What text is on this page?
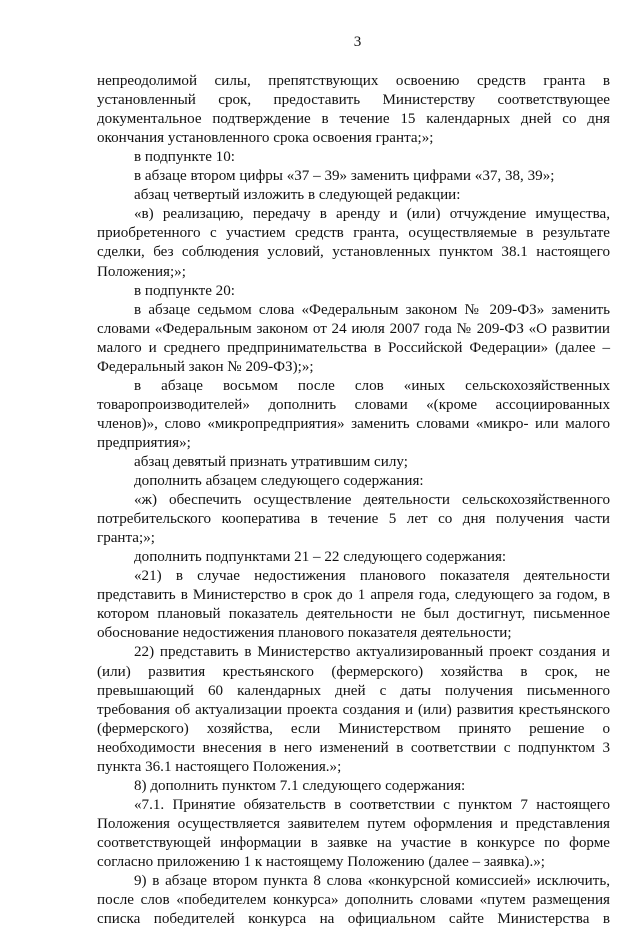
3

непреодолимой силы, препятствующих освоению средств гранта в установленный срок, предоставить Министерству соответствующее документальное подтверждение в течение 15 календарных дней со дня окончания установленного срока освоения гранта;»;

в подпункте 10:

в абзаце втором цифры «37 – 39» заменить цифрами «37, 38, 39»;

абзац четвертый изложить в следующей редакции:

«в) реализацию, передачу в аренду и (или) отчуждение имущества, приобретенного с участием средств гранта, осуществляемые в результате сделки, без соблюдения условий, установленных пунктом 38.1 настоящего Положения;»;

в подпункте 20:

в абзаце седьмом слова «Федеральным законом № 209-ФЗ» заменить словами «Федеральным законом от 24 июля 2007 года № 209-ФЗ «О развитии малого и среднего предпринимательства в Российской Федерации» (далее – Федеральный закон № 209-ФЗ);»;

в абзаце восьмом после слов «иных сельскохозяйственных товаропроизводителей» дополнить словами «(кроме ассоциированных членов)», слово «микропредприятия» заменить словами «микро- или малого предприятия»;

абзац девятый признать утратившим силу;

дополнить абзацем следующего содержания:

«ж) обеспечить осуществление деятельности сельскохозяйственного потребительского кооператива в течение 5 лет со дня получения части гранта;»;

дополнить подпунктами 21 – 22 следующего содержания:

«21) в случае недостижения планового показателя деятельности представить в Министерство в срок до 1 апреля года, следующего за годом, в котором плановый показатель деятельности не был достигнут, письменное обоснование недостижения планового показателя деятельности;

22) представить в Министерство актуализированный проект создания и (или) развития крестьянского (фермерского) хозяйства в срок, не превышающий 60 календарных дней с даты получения письменного требования об актуализации проекта создания и (или) развития крестьянского (фермерского) хозяйства, если Министерством принято решение о необходимости внесения в него изменений в соответствии с подпунктом 3 пункта 36.1 настоящего Положения.»;

8) дополнить пунктом 7.1 следующего содержания:

«7.1. Принятие обязательств в соответствии с пунктом 7 настоящего Положения осуществляется заявителем путем оформления и представления соответствующей информации в заявке на участие в конкурсе по форме согласно приложению 1 к настоящему Положению (далее – заявка).»;

9) в абзаце втором пункта 8 слова «конкурсной комиссией» исключить, после слов «победителем конкурса» дополнить словами «путем размещения списка победителей конкурса на официальном сайте Министерства в
